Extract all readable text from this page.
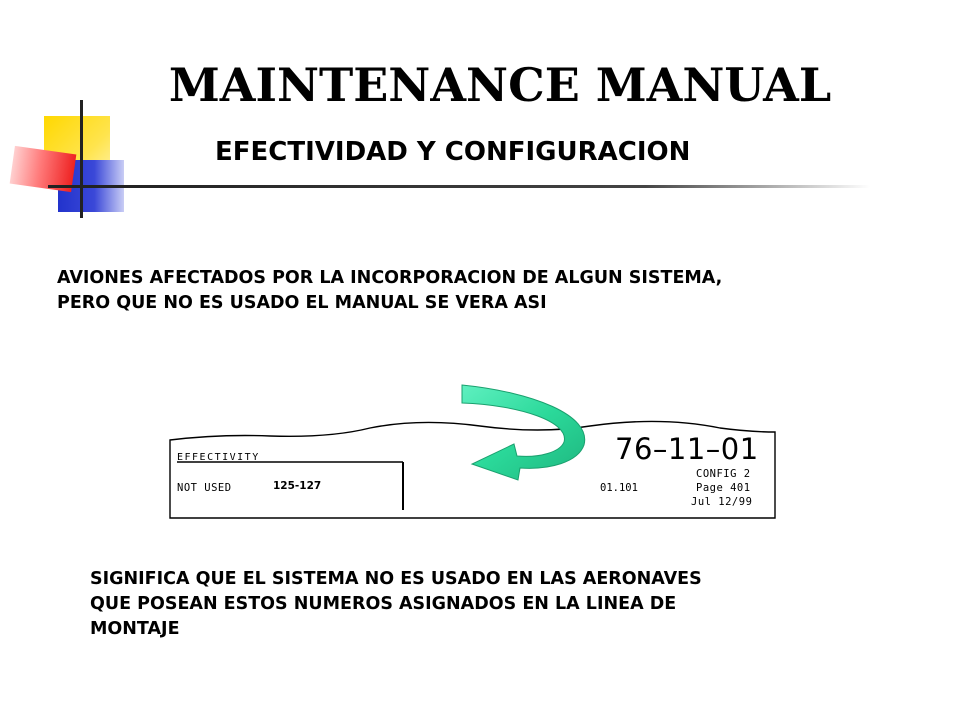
MAINTENANCE MANUAL
EFECTIVIDAD Y CONFIGURACION
AVIONES AFECTADOS POR LA INCORPORACION DE ALGUN SISTEMA,
PERO QUE NO ES USADO EL MANUAL SE VERA ASI
EFFECTIVITY
NOT USED	125-127
76–11–01
CONFIG 2
01.101	Page 401
Jul 12/99
SIGNIFICA QUE EL SISTEMA NO ES USADO EN LAS AERONAVES
QUE POSEAN ESTOS NUMEROS ASIGNADOS EN LA LINEA DE
MONTAJE
